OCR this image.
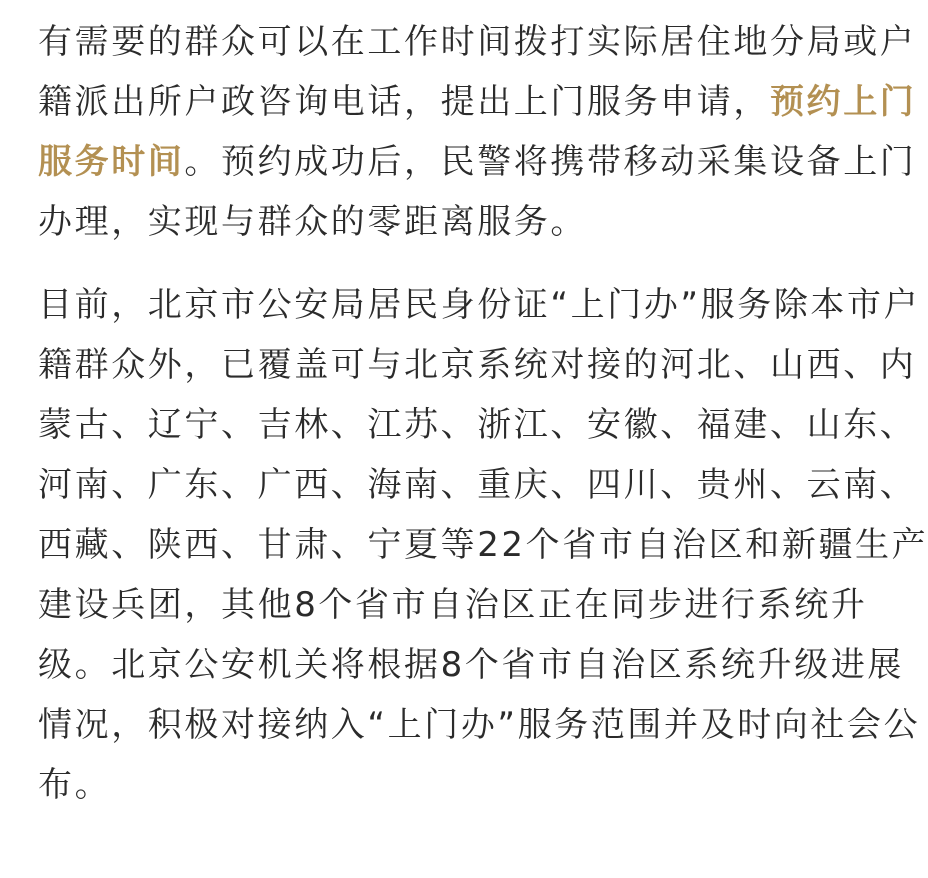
有需要的群众可以在工作时间拨打实际居住地分局或户
籍派出所户政咨询电话，提出上门服务申请，预约上门
服务时间。预约成功后，民警将携带移动采集设备上门
办理，实现与群众的零距离服务。
目前，北京市公安局居民身份证“上门办”服务除本市户
籍群众外，已覆盖可与北京系统对接的河北、山西、内
蒙古、辽宁、吉林、江苏、浙江、安徽、福建、山东、
河南、广东、广西、海南、重庆、四川、贵州、云南、
西藏、陕西、甘肃、宁夏等22个省市自治区和新疆生产
建设兵团，其他8个省市自治区正在同步进行系统升
级。北京公安机关将根据8个省市自治区系统升级进展
情况，积极对接纳入“上门办”服务范围并及时向社会公
布。
